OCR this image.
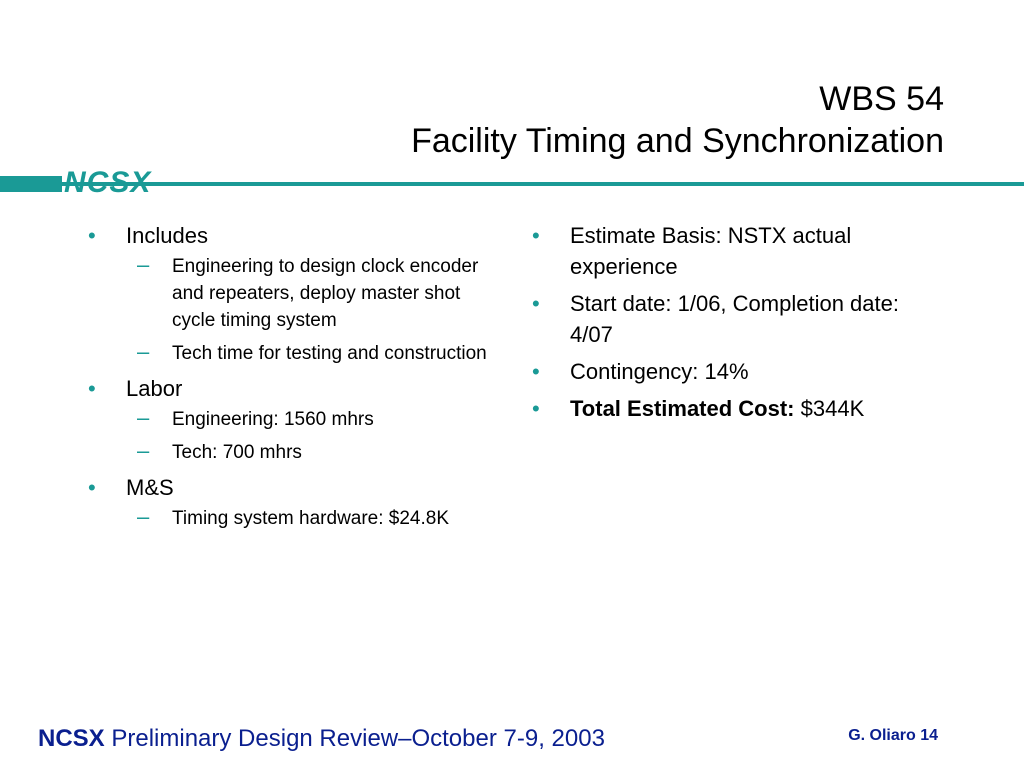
WBS 54
Facility Timing and Synchronization
NCSX
• Includes
– Engineering to design clock encoder and repeaters, deploy master shot cycle timing system
– Tech time for testing and construction
• Labor
– Engineering: 1560 mhrs
– Tech: 700 mhrs
• M&S
– Timing system hardware: $24.8K
• Estimate Basis: NSTX actual experience
• Start date: 1/06, Completion date: 4/07
• Contingency: 14%
• Total Estimated Cost: $344K
NCSX Preliminary Design Review–October 7-9, 2003	G. Oliaro 14
